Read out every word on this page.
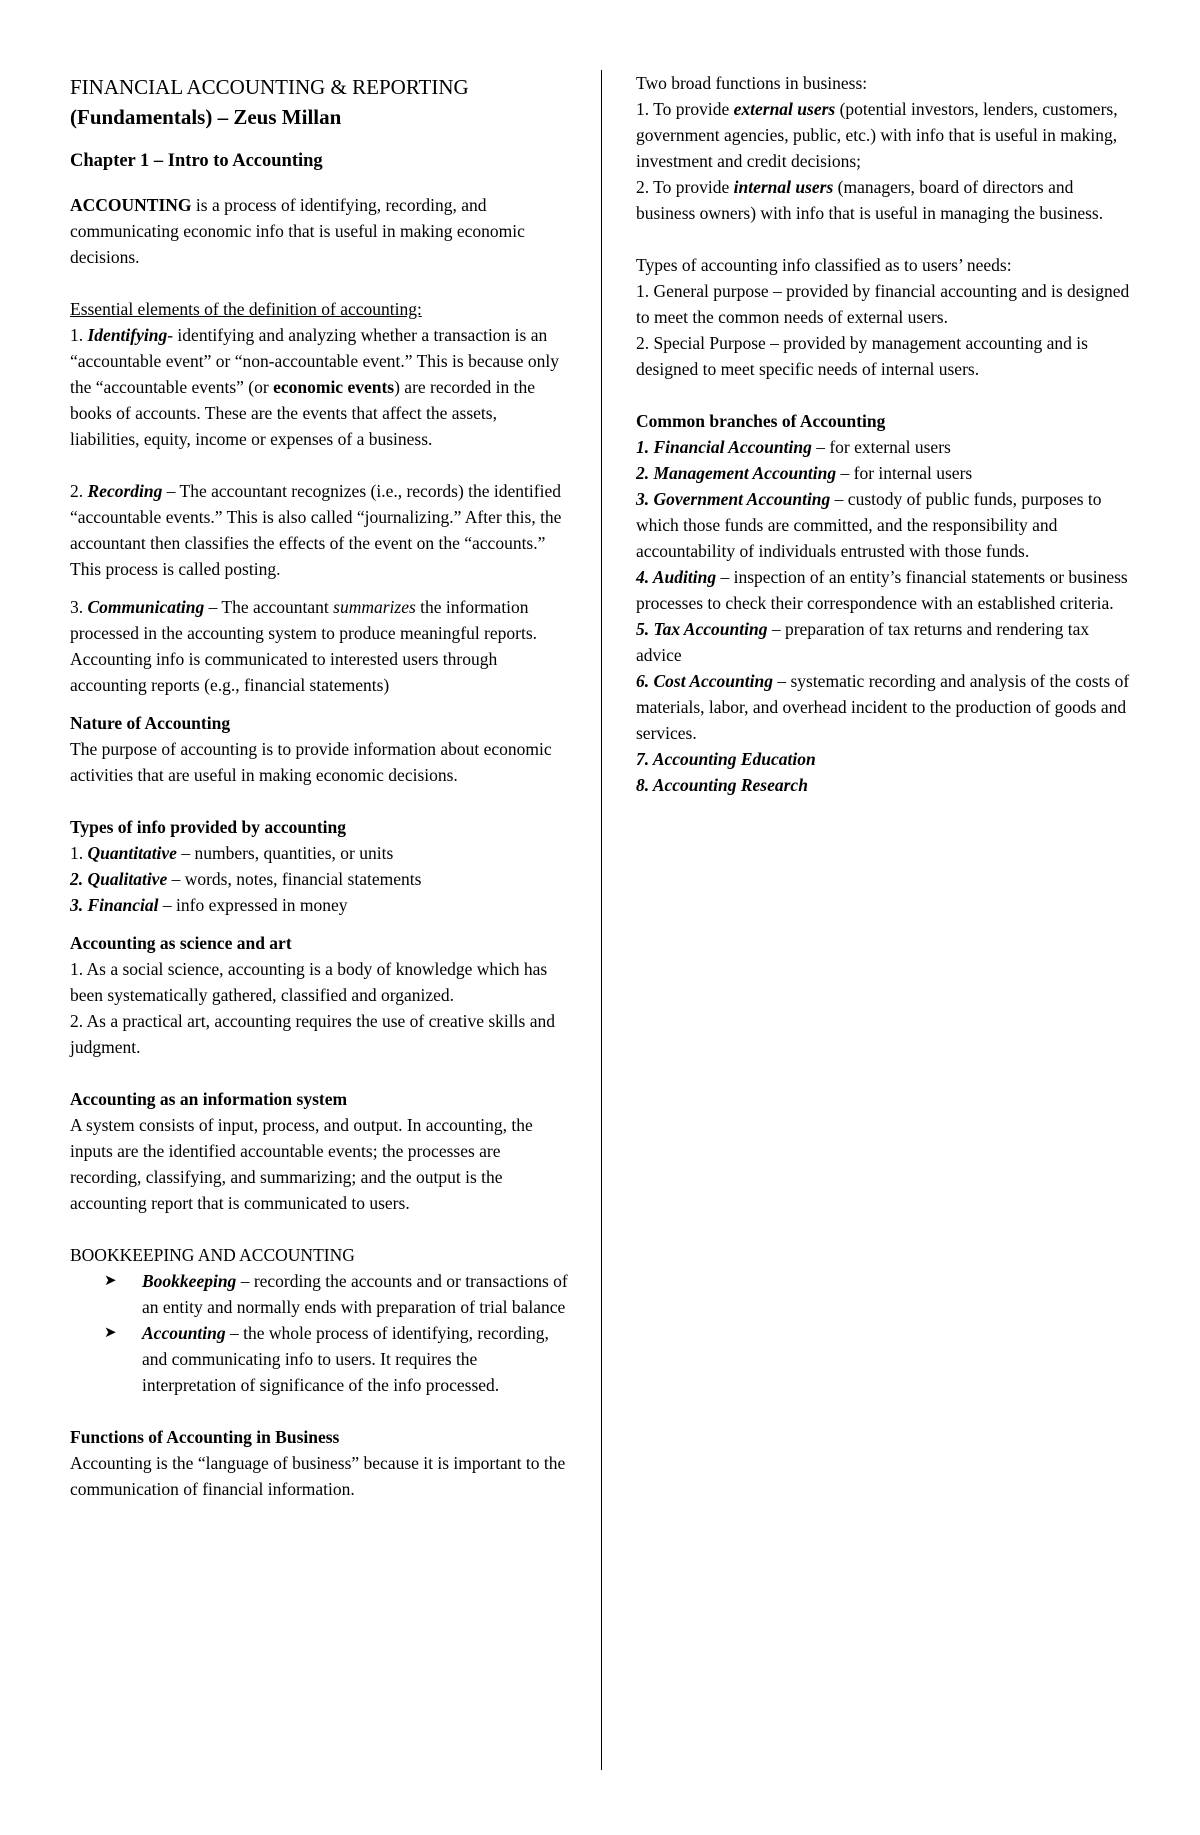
FINANCIAL ACCOUNTING & REPORTING
(Fundamentals) – Zeus Millan

Chapter 1 – Intro to Accounting

ACCOUNTING is a process of identifying, recording, and communicating economic info that is useful in making economic decisions.

Essential elements of the definition of accounting:

1. Identifying- identifying and analyzing whether a transaction is an “accountable event” or “non-accountable event.” This is because only the “accountable events” (or economic events) are recorded in the books of accounts. These are the events that affect the assets, liabilities, equity, income or expenses of a business.

2. Recording – The accountant recognizes (i.e., records) the identified “accountable events.” This is also called “journalizing.” After this, the accountant then classifies the effects of the event on the “accounts.” This process is called posting.

3. Communicating – The accountant summarizes the information processed in the accounting system to produce meaningful reports. Accounting info is communicated to interested users through accounting reports (e.g., financial statements)

Nature of Accounting

The purpose of accounting is to provide information about economic activities that are useful in making economic decisions.

Types of info provided by accounting

1. Quantitative – numbers, quantities, or units

2. Qualitative – words, notes, financial statements

3. Financial – info expressed in money

Accounting as science and art

1. As a social science, accounting is a body of knowledge which has been systematically gathered, classified and organized.

2. As a practical art, accounting requires the use of creative skills and judgment.

Accounting as an information system

A system consists of input, process, and output. In accounting, the inputs are the identified accountable events; the processes are recording, classifying, and summarizing; and the output is the accounting report that is communicated to users.

BOOKKEEPING AND ACCOUNTING

➤ Bookkeeping – recording the accounts and or transactions of an entity and normally ends with preparation of trial balance
➤ Accounting – the whole process of identifying, recording, and communicating info to users. It requires the interpretation of significance of the info processed.

Functions of Accounting in Business

Accounting is the “language of business” because it is important to the communication of financial information.

Two broad functions in business:

1. To provide external users (potential investors, lenders, customers, government agencies, public, etc.) with info that is useful in making, investment and credit decisions;

2. To provide internal users (managers, board of directors and business owners) with info that is useful in managing the business.

Types of accounting info classified as to users’ needs:

1. General purpose – provided by financial accounting and is designed to meet the common needs of external users.

2. Special Purpose – provided by management accounting and is designed to meet specific needs of internal users.

Common branches of Accounting

1. Financial Accounting – for external users

2. Management Accounting – for internal users

3. Government Accounting – custody of public funds, purposes to which those funds are committed, and the responsibility and accountability of individuals entrusted with those funds.

4. Auditing – inspection of an entity’s financial statements or business processes to check their correspondence with an established criteria.

5. Tax Accounting – preparation of tax returns and rendering tax advice

6. Cost Accounting – systematic recording and analysis of the costs of materials, labor, and overhead incident to the production of goods and services.

7. Accounting Education

8. Accounting Research
